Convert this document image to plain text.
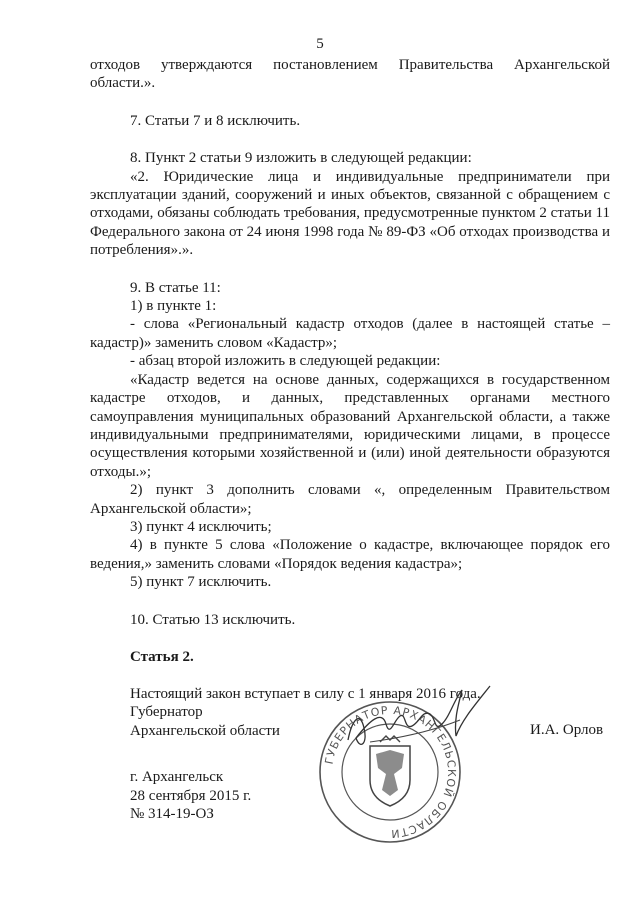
5

отходов утверждаются постановлением Правительства Архангельской области.».

7. Статьи 7 и 8 исключить.

8. Пункт 2 статьи 9 изложить в следующей редакции:

«2. Юридические лица и индивидуальные предприниматели при эксплуатации зданий, сооружений и иных объектов, связанной с обращением с отходами, обязаны соблюдать требования, предусмотренные пунктом 2 статьи 11 Федерального закона от 24 июня 1998 года № 89-ФЗ «Об отходах производства и потребления».».

9. В статье 11:

1) в пункте 1:

- слова «Региональный кадастр отходов (далее в настоящей статье – кадастр)» заменить словом «Кадастр»;

- абзац второй изложить в следующей редакции:

«Кадастр ведется на основе данных, содержащихся в государственном кадастре отходов, и данных, представленных органами местного самоуправления муниципальных образований Архангельской области, а также индивидуальными предпринимателями, юридическими лицами, в процессе осуществления которыми хозяйственной и (или) иной деятельности образуются отходы.»;

2) пункт 3 дополнить словами «, определенным Правительством Архангельской области»;

3) пункт 4 исключить;

4) в пункте 5 слова «Положение о кадастре, включающее порядок его ведения,» заменить словами «Порядок ведения кадастра»;

5) пункт 7 исключить.

10. Статью 13 исключить.

Статья 2.

Настоящий закон вступает в силу с 1 января 2016 года.

ГУБЕРНАТОР АРХАНГЕЛЬСКОЙ ОБЛАСТИ
Губернатор
Архангельской области	И.А. Орлов
г. Архангельск
28 сентября 2015 г.
№ 314-19-ОЗ
